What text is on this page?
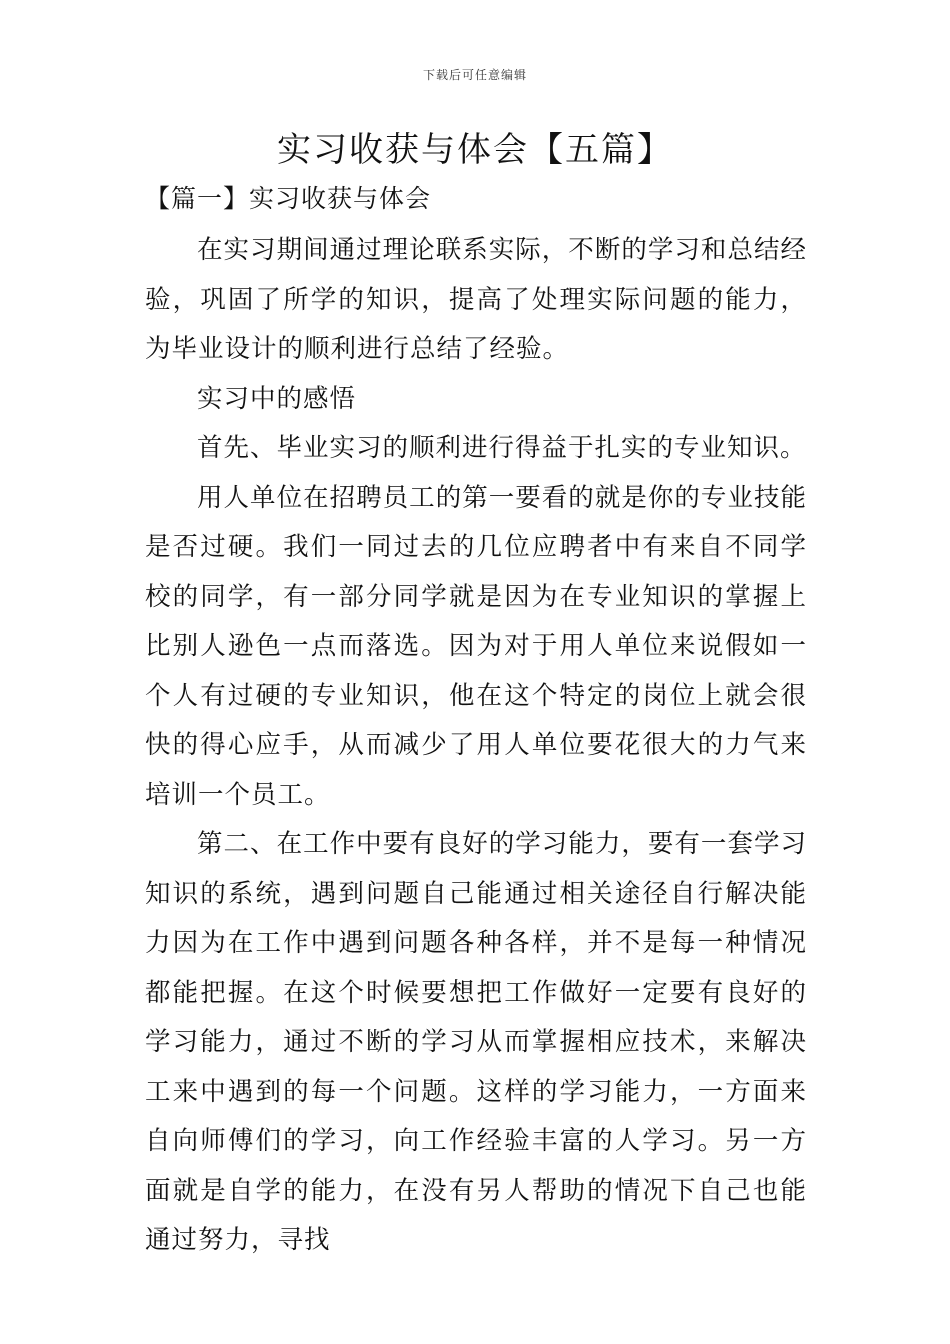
下载后可任意编辑
实习收获与体会【五篇】
【篇一】实习收获与体会

在实习期间通过理论联系实际，不断的学习和总结经验，巩固了所学的知识，提高了处理实际问题的能力，为毕业设计的顺利进行总结了经验。

实习中的感悟

首先、毕业实习的顺利进行得益于扎实的专业知识。

用人单位在招聘员工的第一要看的就是你的专业技能是否过硬。我们一同过去的几位应聘者中有来自不同学校的同学，有一部分同学就是因为在专业知识的掌握上比别人逊色一点而落选。因为对于用人单位来说假如一个人有过硬的专业知识，他在这个特定的岗位上就会很快的得心应手，从而减少了用人单位要花很大的力气来培训一个员工。

第二、在工作中要有良好的学习能力，要有一套学习知识的系统，遇到问题自己能通过相关途径自行解决能力因为在工作中遇到问题各种各样，并不是每一种情况都能把握。在这个时候要想把工作做好一定要有良好的学习能力，通过不断的学习从而掌握相应技术，来解决工来中遇到的每一个问题。这样的学习能力，一方面来自向师傅们的学习，向工作经验丰富的人学习。另一方面就是自学的能力，在没有另人帮助的情况下自己也能通过努力，寻找
